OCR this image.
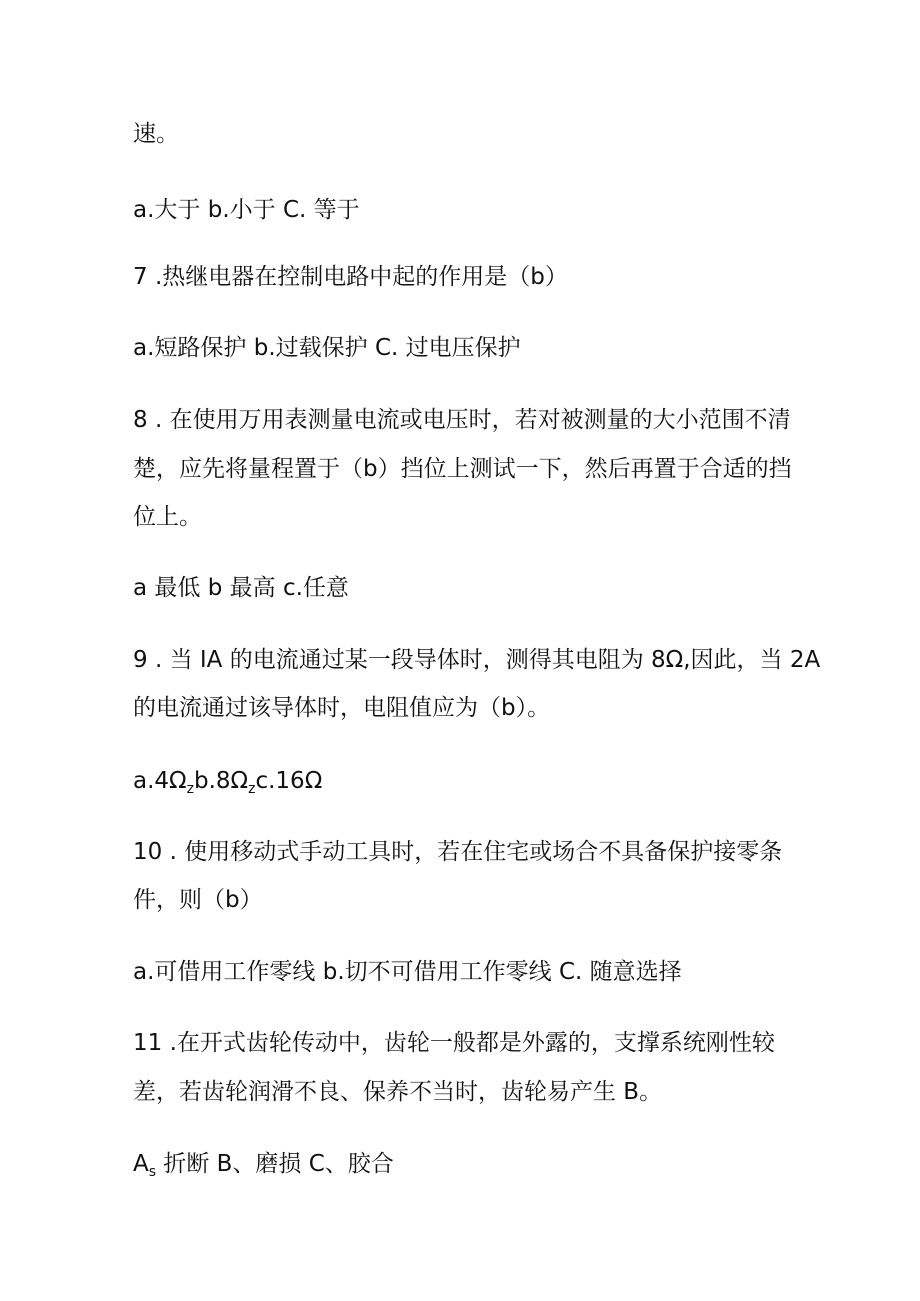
速。
a.大于 b.小于 C. 等于
7 .热继电器在控制电路中起的作用是（b）
a.短路保护 b.过载保护 C. 过电压保护
8 . 在使用万用表测量电流或电压时，若对被测量的大小范围不清
楚，应先将量程置于（b）挡位上测试一下，然后再置于合适的挡
位上。
a 最低 b 最高 c.任意
9 . 当 IA 的电流通过某一段导体时，测得其电阻为 8Ω,因此，当 2A
的电流通过该导体时，电阻值应为（b）。
$a.4\Omega_zb.8\Omega_zc.16\Omega$
10 . 使用移动式手动工具时，若在住宅或场合不具备保护接零条
件，则（b）
a.可借用工作零线 b.切不可借用工作零线 C. 随意选择
11 .在开式齿轮传动中，齿轮一般都是外露的，支撑系统刚性较
差，若齿轮润滑不良、保养不当时，齿轮易产生 B。
$A_s$ 折断 B、磨损 C、胶合
